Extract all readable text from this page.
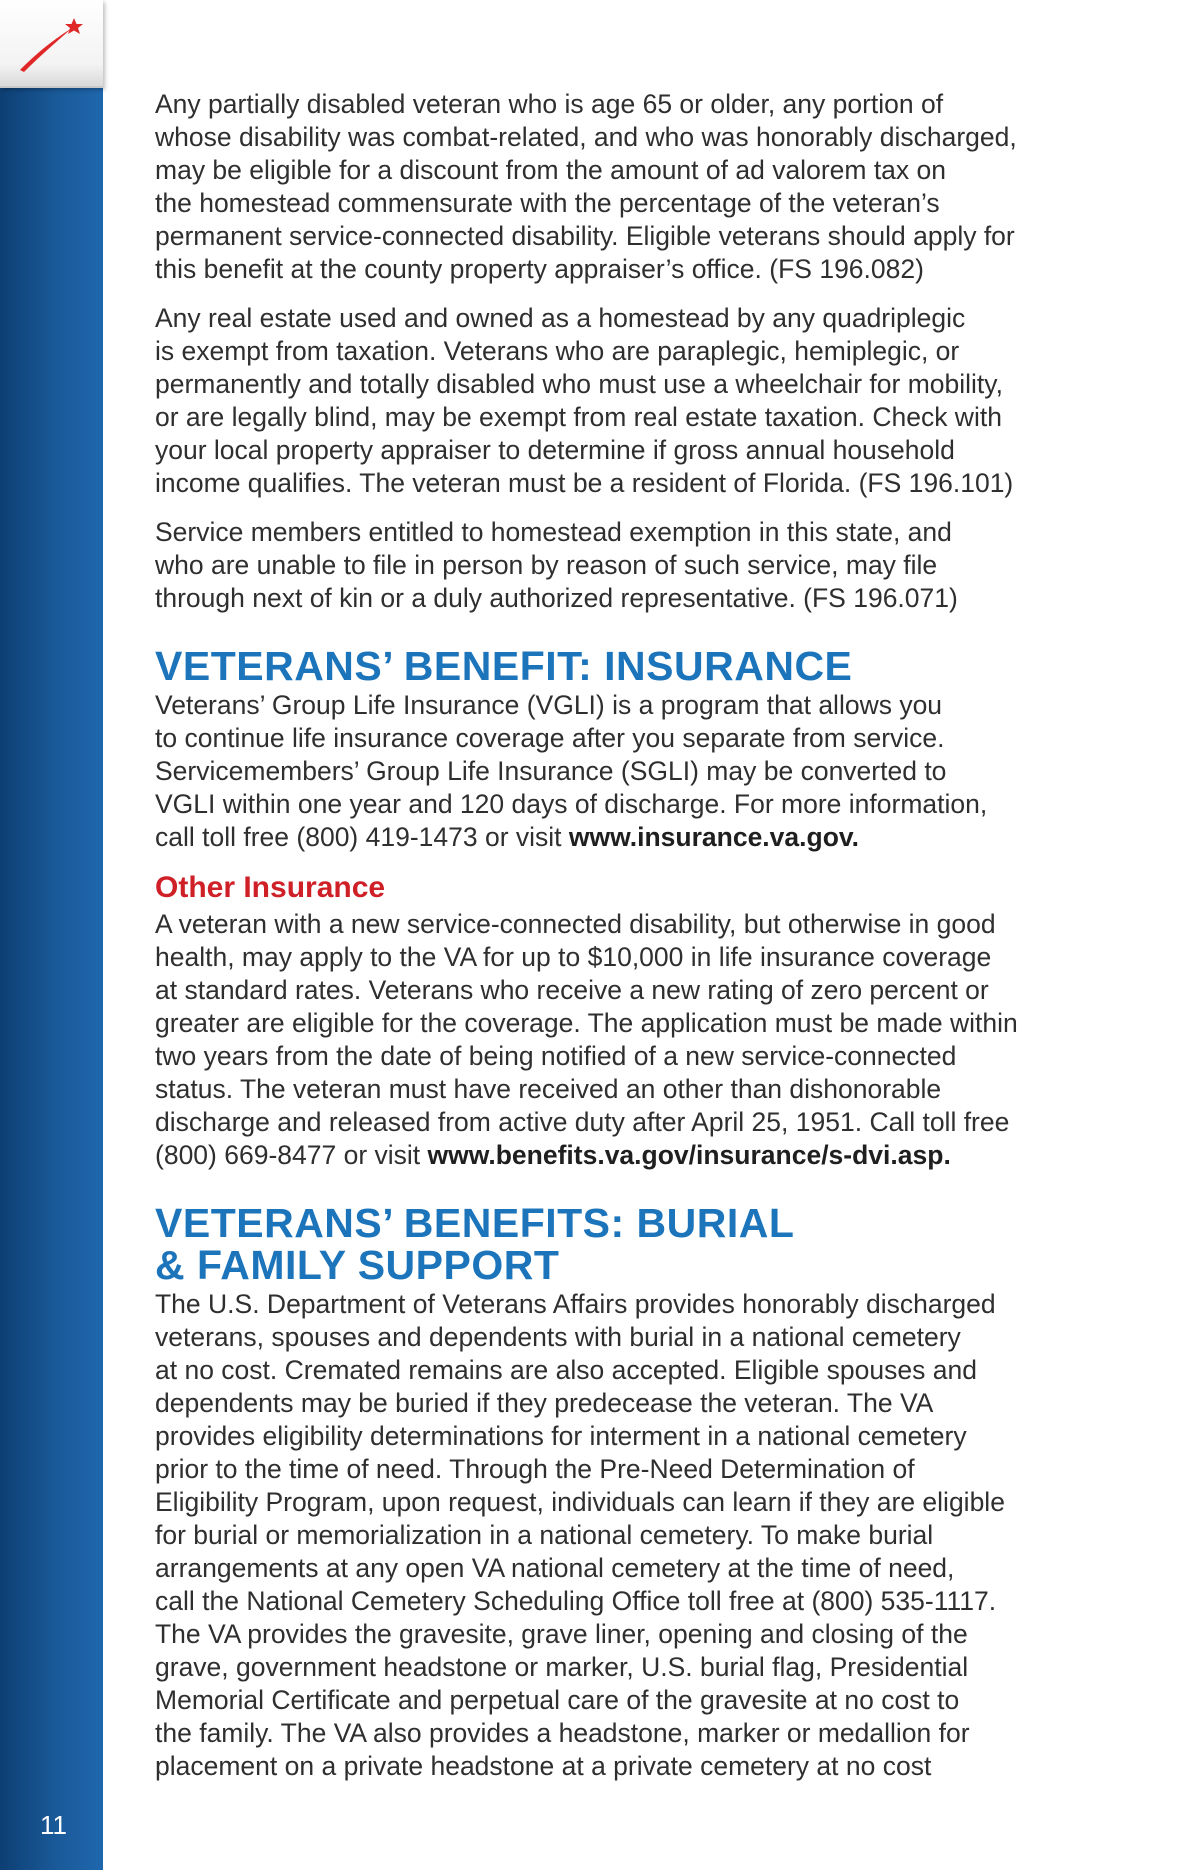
11

Any partially disabled veteran who is age 65 or older, any portion of
whose disability was combat-related, and who was honorably discharged,
may be eligible for a discount from the amount of ad valorem tax on
the homestead commensurate with the percentage of the veteran’s
permanent service-connected disability. Eligible veterans should apply for
this benefit at the county property appraiser’s office. (FS 196.082)

Any real estate used and owned as a homestead by any quadriplegic
is exempt from taxation. Veterans who are paraplegic, hemiplegic, or
permanently and totally disabled who must use a wheelchair for mobility,
or are legally blind, may be exempt from real estate taxation. Check with
your local property appraiser to determine if gross annual household
income qualifies. The veteran must be a resident of Florida. (FS 196.101)

Service members entitled to homestead exemption in this state, and
who are unable to file in person by reason of such service, may file
through next of kin or a duly authorized representative. (FS 196.071)

VETERANS’ BENEFIT: INSURANCE

Veterans’ Group Life Insurance (VGLI) is a program that allows you
to continue life insurance coverage after you separate from service.
Servicemembers’ Group Life Insurance (SGLI) may be converted to
VGLI within one year and 120 days of discharge. For more information,
call toll free (800) 419-1473 or visit www.insurance.va.gov.

Other Insurance

A veteran with a new service-connected disability, but otherwise in good
health, may apply to the VA for up to $10,000 in life insurance coverage
at standard rates. Veterans who receive a new rating of zero percent or
greater are eligible for the coverage. The application must be made within
two years from the date of being notified of a new service-connected
status. The veteran must have received an other than dishonorable
discharge and released from active duty after April 25, 1951. Call toll free
(800) 669-8477 or visit www.benefits.va.gov/insurance/s-dvi.asp.

VETERANS’ BENEFITS: BURIAL
& FAMILY SUPPORT

The U.S. Department of Veterans Affairs provides honorably discharged
veterans, spouses and dependents with burial in a national cemetery
at no cost. Cremated remains are also accepted. Eligible spouses and
dependents may be buried if they predecease the veteran. The VA
provides eligibility determinations for interment in a national cemetery
prior to the time of need. Through the Pre-Need Determination of
Eligibility Program, upon request, individuals can learn if they are eligible
for burial or memorialization in a national cemetery. To make burial
arrangements at any open VA national cemetery at the time of need,
call the National Cemetery Scheduling Office toll free at (800) 535-1117.
The VA provides the gravesite, grave liner, opening and closing of the
grave, government headstone or marker, U.S. burial flag, Presidential
Memorial Certificate and perpetual care of the gravesite at no cost to
the family. The VA also provides a headstone, marker or medallion for
placement on a private headstone at a private cemetery at no cost
